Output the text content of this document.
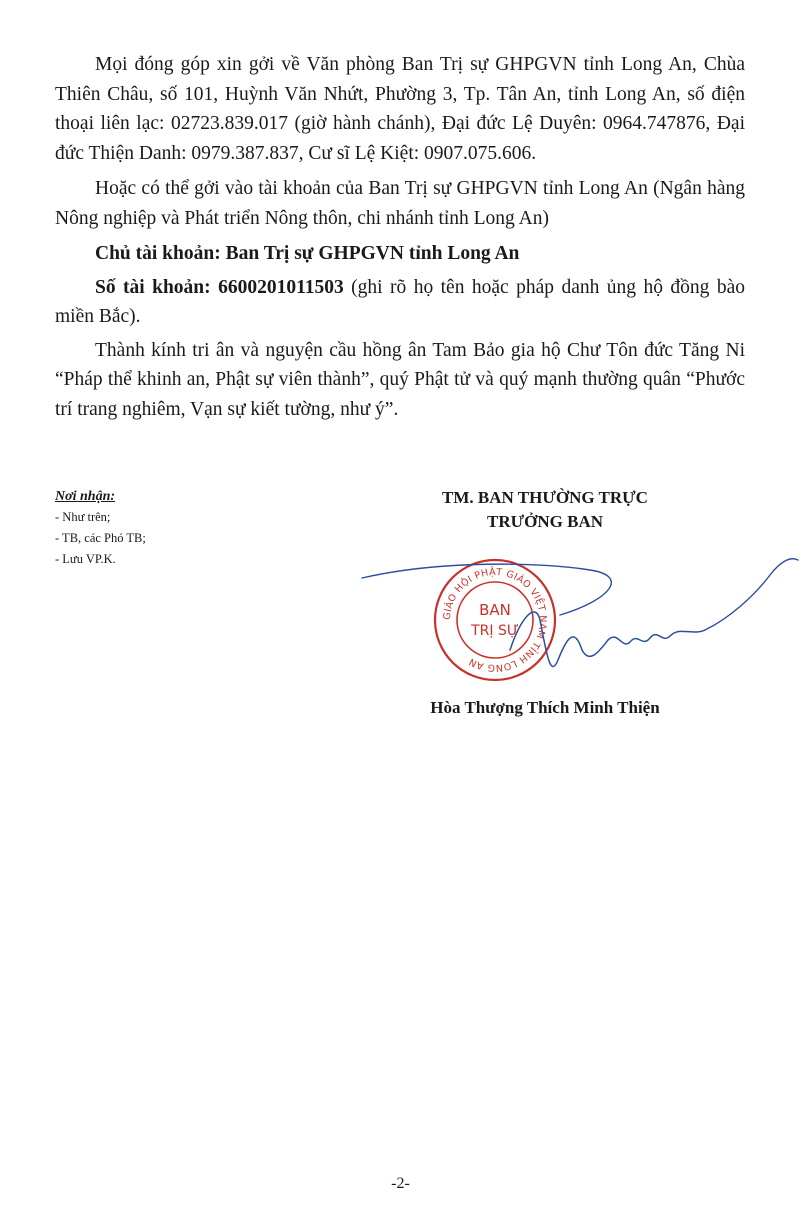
Mọi đóng góp xin gởi về Văn phòng Ban Trị sự GHPGVN tỉnh Long An, Chùa Thiên Châu, số 101, Huỳnh Văn Nhứt, Phường 3, Tp. Tân An, tỉnh Long An, số điện thoại liên lạc: 02723.839.017 (giờ hành chánh), Đại đức Lệ Duyên: 0964.747876, Đại đức Thiện Danh: 0979.387.837, Cư sĩ Lệ Kiệt: 0907.075.606.

Hoặc có thể gởi vào tài khoản của Ban Trị sự GHPGVN tỉnh Long An (Ngân hàng Nông nghiệp và Phát triển Nông thôn, chi nhánh tỉnh Long An)

Chủ tài khoản: Ban Trị sự GHPGVN tỉnh Long An

Số tài khoản: 6600201011503 (ghi rõ họ tên hoặc pháp danh ủng hộ đồng bào miền Bắc).

Thành kính tri ân và nguyện cầu hồng ân Tam Bảo gia hộ Chư Tôn đức Tăng Ni “Pháp thể khinh an, Phật sự viên thành”, quý Phật tử và quý mạnh thường quân “Phước trí trang nghiêm, Vạn sự kiết tường, như ý”.

Nơi nhận:
- Như trên;
- TB, các Phó TB;
- Lưu VP.K.
TM. BAN THƯỜNG TRỰC
TRƯỞNG BAN
GIÁO HỘI PHẬT GIÁO VIỆT NAM TỈNH LONG AN
BAN
TRỊ SỰ
Hòa Thượng Thích Minh Thiện
-2-
